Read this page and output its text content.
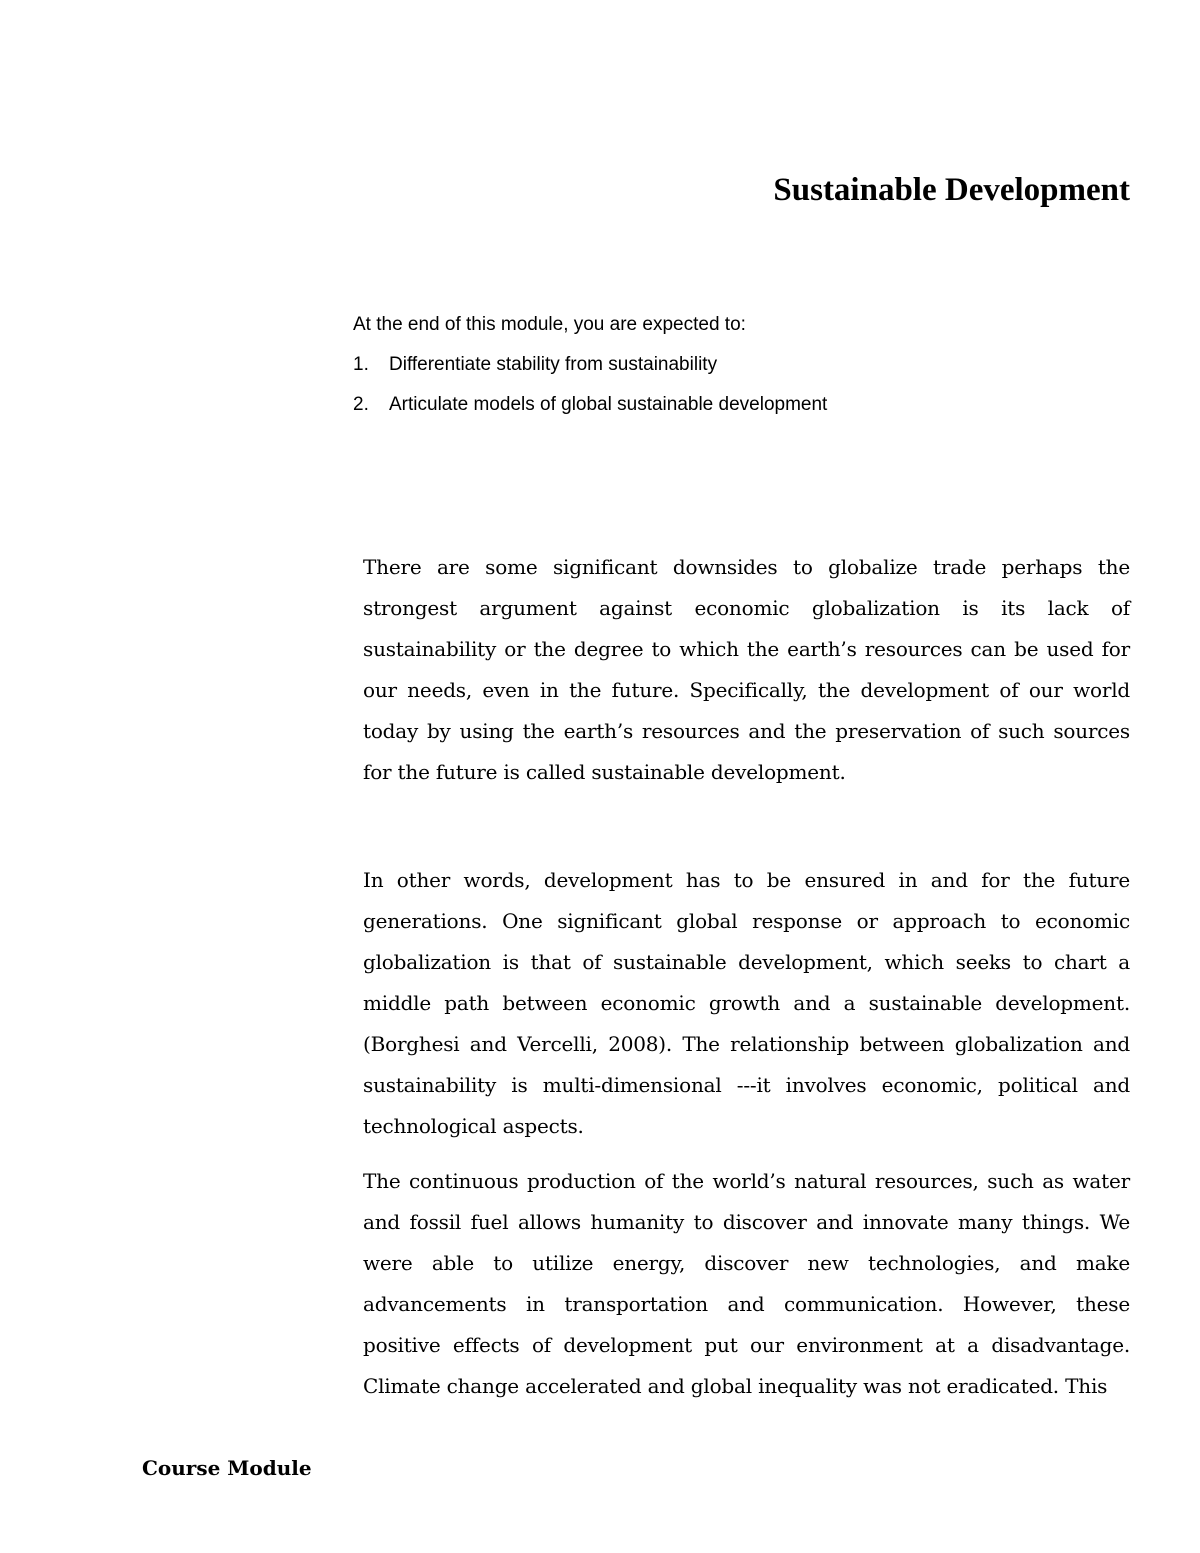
Sustainable Development

At the end of this module, you are expected to:

1.	Differentiate stability from sustainability
2.	Articulate models of global sustainable development

There are some significant downsides to globalize trade perhaps the strongest argument against economic globalization is its lack of sustainability or the degree to which the earth’s resources can be used for our needs, even in the future. Specifically, the development of our world today by using the earth’s resources and the preservation of such sources for the future is called sustainable development.

In other words, development has to be ensured in and for the future generations. One significant global response or approach to economic globalization is that of sustainable development, which seeks to chart a middle path between economic growth and a sustainable development. (Borghesi and Vercelli, 2008). The relationship between globalization and sustainability is multi-dimensional ---it involves economic, political and technological aspects.

The continuous production of the world’s natural resources, such as water and fossil fuel allows humanity to discover and innovate many things. We were able to utilize energy, discover new technologies, and make advancements in transportation and communication. However, these positive effects of development put our environment at a disadvantage. Climate change accelerated and global inequality was not eradicated. This

Course Module
